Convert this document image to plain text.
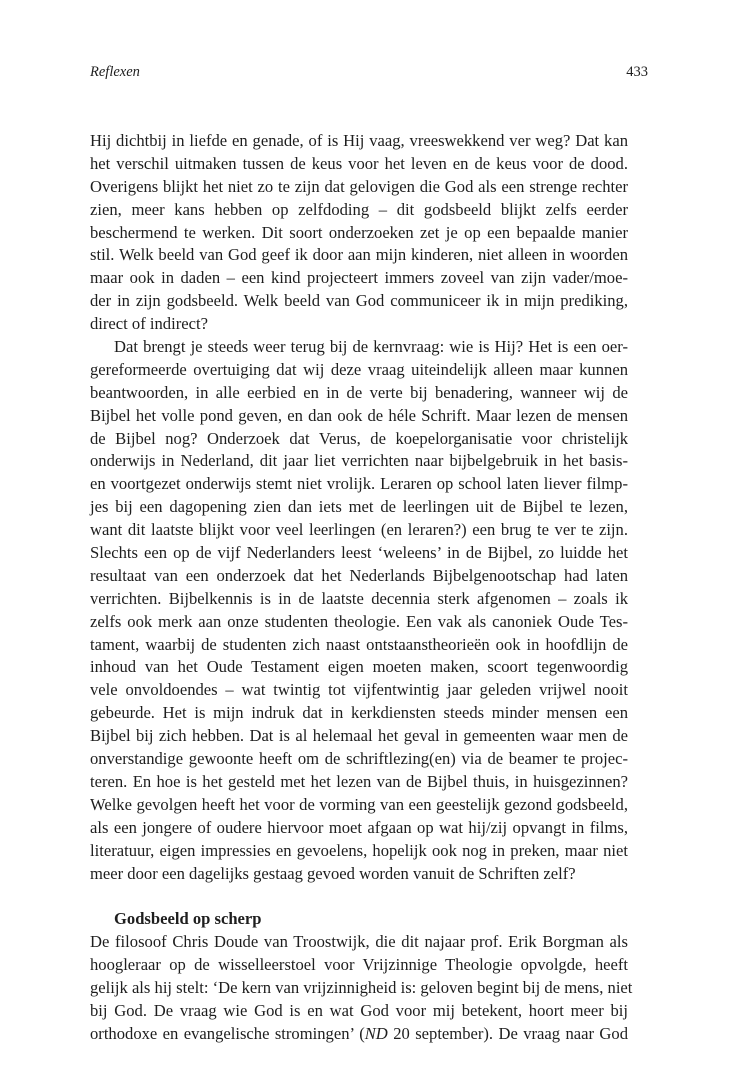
Reflexen	433
Hij dichtbij in liefde en genade, of is Hij vaag, vreeswekkend ver weg? Dat kan
het verschil uitmaken tussen de keus voor het leven en de keus voor de dood.
Overigens blijkt het niet zo te zijn dat gelovigen die God als een strenge rechter
zien, meer kans hebben op zelfdoding – dit godsbeeld blijkt zelfs eerder
beschermend te werken. Dit soort onderzoeken zet je op een bepaalde manier
stil. Welk beeld van God geef ik door aan mijn kinderen, niet alleen in woorden
maar ook in daden – een kind projecteert immers zoveel van zijn vader/moe-
der in zijn godsbeeld. Welk beeld van God communiceer ik in mijn prediking,
direct of indirect?
Dat brengt je steeds weer terug bij de kernvraag: wie is Hij? Het is een oer-
gereformeerde overtuiging dat wij deze vraag uiteindelijk alleen maar kunnen
beantwoorden, in alle eerbied en in de verte bij benadering, wanneer wij de
Bijbel het volle pond geven, en dan ook de héle Schrift. Maar lezen de mensen
de Bijbel nog? Onderzoek dat Verus, de koepelorganisatie voor christelijk
onderwijs in Nederland, dit jaar liet verrichten naar bijbelgebruik in het basis-
en voortgezet onderwijs stemt niet vrolijk. Leraren op school laten liever filmp-
jes bij een dagopening zien dan iets met de leerlingen uit de Bijbel te lezen,
want dit laatste blijkt voor veel leerlingen (en leraren?) een brug te ver te zijn.
Slechts een op de vijf Nederlanders leest ‘weleens’ in de Bijbel, zo luidde het
resultaat van een onderzoek dat het Nederlands Bijbelgenootschap had laten
verrichten. Bijbelkennis is in de laatste decennia sterk afgenomen – zoals ik
zelfs ook merk aan onze studenten theologie. Een vak als canoniek Oude Tes-
tament, waarbij de studenten zich naast ontstaanstheorieën ook in hoofdlijn de
inhoud van het Oude Testament eigen moeten maken, scoort tegenwoordig
vele onvoldoendes – wat twintig tot vijfentwintig jaar geleden vrijwel nooit
gebeurde. Het is mijn indruk dat in kerkdiensten steeds minder mensen een
Bijbel bij zich hebben. Dat is al helemaal het geval in gemeenten waar men de
onverstandige gewoonte heeft om de schriftlezing(en) via de beamer te projec-
teren. En hoe is het gesteld met het lezen van de Bijbel thuis, in huisgezinnen?
Welke gevolgen heeft het voor de vorming van een geestelijk gezond godsbeeld,
als een jongere of oudere hiervoor moet afgaan op wat hij/zij opvangt in films,
literatuur, eigen impressies en gevoelens, hopelijk ook nog in preken, maar niet
meer door een dagelijks gestaag gevoed worden vanuit de Schriften zelf?
Godsbeeld op scherp
De filosoof Chris Doude van Troostwijk, die dit najaar prof. Erik Borgman als
hoogleraar op de wisselleerstoel voor Vrijzinnige Theologie opvolgde, heeft
gelijk als hij stelt: ‘De kern van vrijzinnigheid is: geloven begint bij de mens, niet
bij God. De vraag wie God is en wat God voor mij betekent, hoort meer bij
orthodoxe en evangelische stromingen’ (ND 20 september). De vraag naar God
